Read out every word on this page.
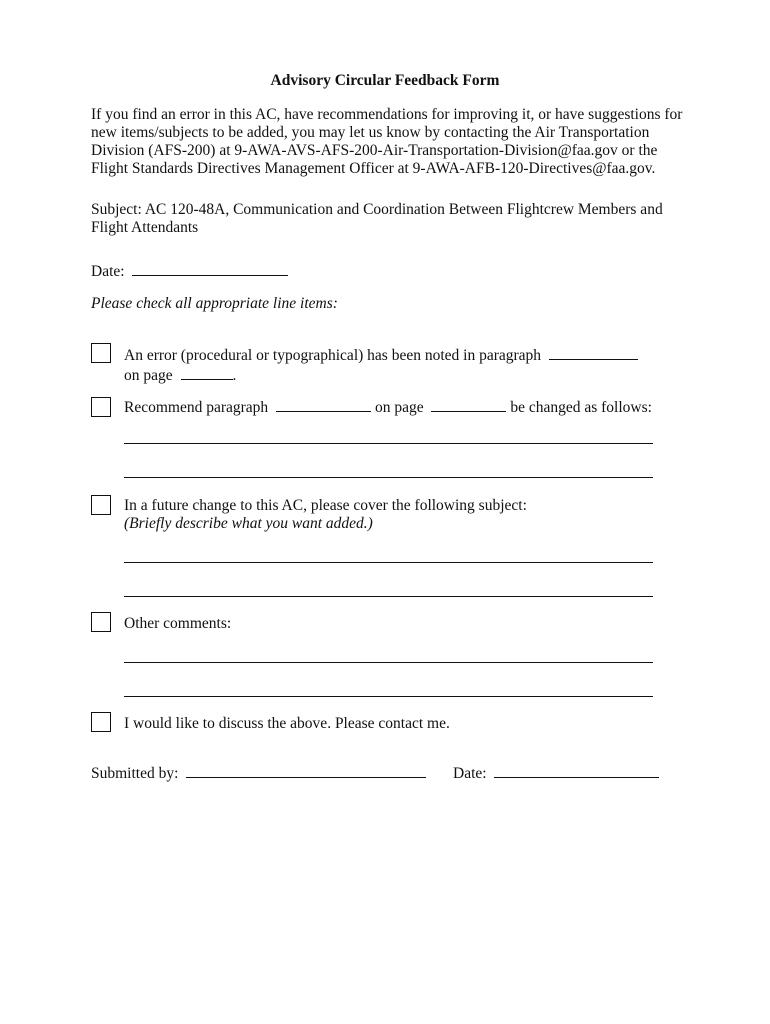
Advisory Circular Feedback Form
If you find an error in this AC, have recommendations for improving it, or have suggestions for
new items/subjects to be added, you may let us know by contacting the Air Transportation
Division (AFS-200) at 9-AWA-AVS-AFS-200-Air-Transportation-Division@faa.gov or the
Flight Standards Directives Management Officer at 9-AWA-AFB-120-Directives@faa.gov.
Subject: AC 120-48A, Communication and Coordination Between Flightcrew Members and
Flight Attendants
Date:
Please check all appropriate line items:
An error (procedural or typographical) has been noted in paragraph
on page	.
Recommend paragraph	on page	be changed as follows:
In a future change to this AC, please cover the following subject:
(Briefly describe what you want added.)
Other comments:
I would like to discuss the above. Please contact me.
Submitted by:	Date:
